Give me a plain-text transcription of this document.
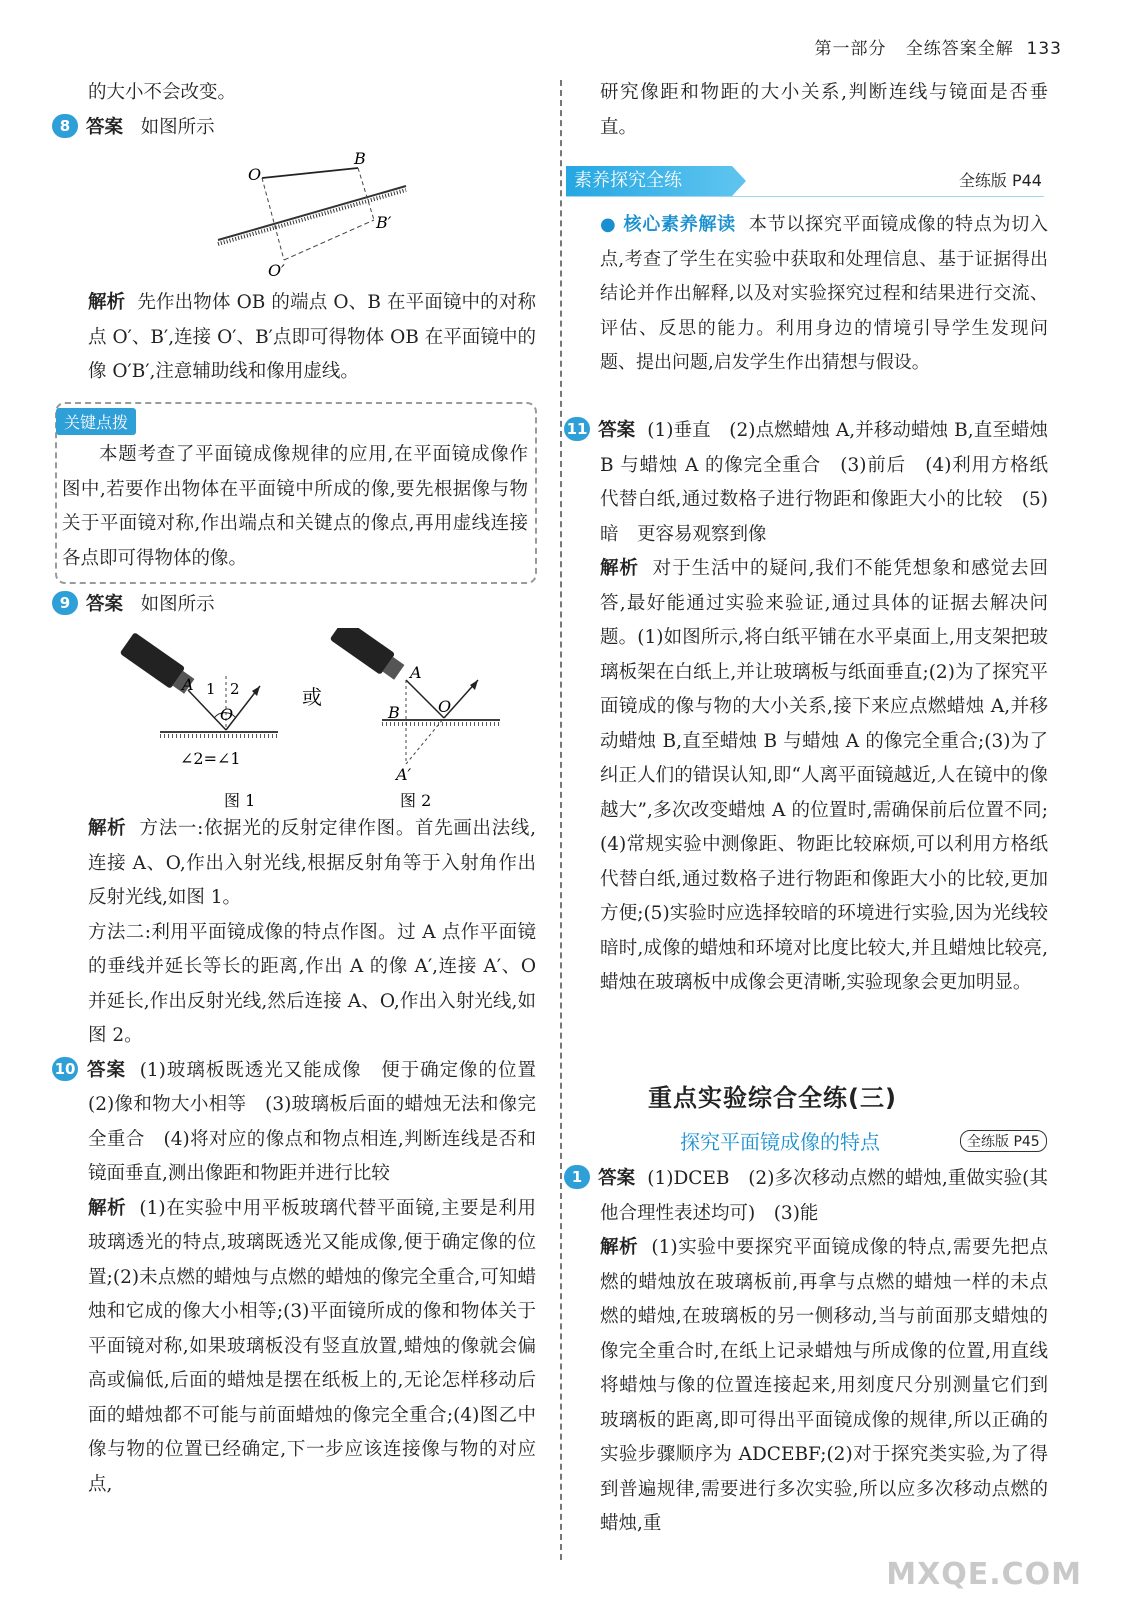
第一部分 全练答案全解 133

的大小不会改变。

8 答案 如图所示

O
B
B′
O′

解析 先作出物体 OB 的端点 O、B 在平面镜中的对称点 O′、B′,连接 O′、B′点即可得物体 OB 在平面镜中的像 O′B′,注意辅助线和像用虚线。

关键点拨

本题考查了平面镜成像规律的应用,在平面镜成像作图中,若要作出物体在平面镜中所成的像,要先根据像与物关于平面镜对称,作出端点和关键点的像点,再用虚线连接各点即可得物体的像。

9 答案 如图所示

A 1 2
O
∠2=∠1
图 1
或
A
B O
A′
图 2

解析 方法一:依据光的反射定律作图。首先画出法线,连接 A、O,作出入射光线,根据反射角等于入射角作出反射光线,如图 1。

方法二:利用平面镜成像的特点作图。过 A 点作平面镜的垂线并延长等长的距离,作出 A 的像 A′,连接 A′、O 并延长,作出反射光线,然后连接 A、O,作出入射光线,如图 2。

10 答案 (1)玻璃板既透光又能成像　便于确定像的位置　(2)像和物大小相等　(3)玻璃板后面的蜡烛无法和像完全重合　(4)将对应的像点和物点相连,判断连线是否和镜面垂直,测出像距和物距并进行比较

解析 (1)在实验中用平板玻璃代替平面镜,主要是利用玻璃透光的特点,玻璃既透光又能成像,便于确定像的位置;(2)未点燃的蜡烛与点燃的蜡烛的像完全重合,可知蜡烛和它成的像大小相等;(3)平面镜所成的像和物体关于平面镜对称,如果玻璃板没有竖直放置,蜡烛的像就会偏高或偏低,后面的蜡烛是摆在纸板上的,无论怎样移动后面的蜡烛都不可能与前面蜡烛的像完全重合;(4)图乙中像与物的位置已经确定,下一步应该连接像与物的对应点,

研究像距和物距的大小关系,判断连线与镜面是否垂直。

素养探究全练	全练版 P44

● 核心素养解读 本节以探究平面镜成像的特点为切入点,考查了学生在实验中获取和处理信息、基于证据得出结论并作出解释,以及对实验探究过程和结果进行交流、评估、反思的能力。利用身边的情境引导学生发现问题、提出问题,启发学生作出猜想与假设。

11 答案 (1)垂直　(2)点燃蜡烛 A,并移动蜡烛 B,直至蜡烛 B 与蜡烛 A 的像完全重合　(3)前后　(4)利用方格纸代替白纸,通过数格子进行物距和像距大小的比较　(5)暗　更容易观察到像

解析 对于生活中的疑问,我们不能凭想象和感觉去回答,最好能通过实验来验证,通过具体的证据去解决问题。(1)如图所示,将白纸平铺在水平桌面上,用支架把玻璃板架在白纸上,并让玻璃板与纸面垂直;(2)为了探究平面镜成的像与物的大小关系,接下来应点燃蜡烛 A,并移动蜡烛 B,直至蜡烛 B 与蜡烛 A 的像完全重合;(3)为了纠正人们的错误认知,即“人离平面镜越近,人在镜中的像越大”,多次改变蜡烛 A 的位置时,需确保前后位置不同;(4)常规实验中测像距、物距比较麻烦,可以利用方格纸代替白纸,通过数格子进行物距和像距大小的比较,更加方便;(5)实验时应选择较暗的环境进行实验,因为光线较暗时,成像的蜡烛和环境对比度比较大,并且蜡烛比较亮,蜡烛在玻璃板中成像会更清晰,实验现象会更加明显。

重点实验综合全练(三)
探究平面镜成像的特点	全练版 P45

1 答案 (1)DCEB　(2)多次移动点燃的蜡烛,重做实验(其他合理性表述均可)　(3)能

解析 (1)实验中要探究平面镜成像的特点,需要先把点燃的蜡烛放在玻璃板前,再拿与点燃的蜡烛一样的未点燃的蜡烛,在玻璃板的另一侧移动,当与前面那支蜡烛的像完全重合时,在纸上记录蜡烛与所成像的位置,用直线将蜡烛与像的位置连接起来,用刻度尺分别测量它们到玻璃板的距离,即可得出平面镜成像的规律,所以正确的实验步骤顺序为 ADCEBF;(2)对于探究类实验,为了得到普遍规律,需要进行多次实验,所以应多次移动点燃的蜡烛,重

MXQE.COM
